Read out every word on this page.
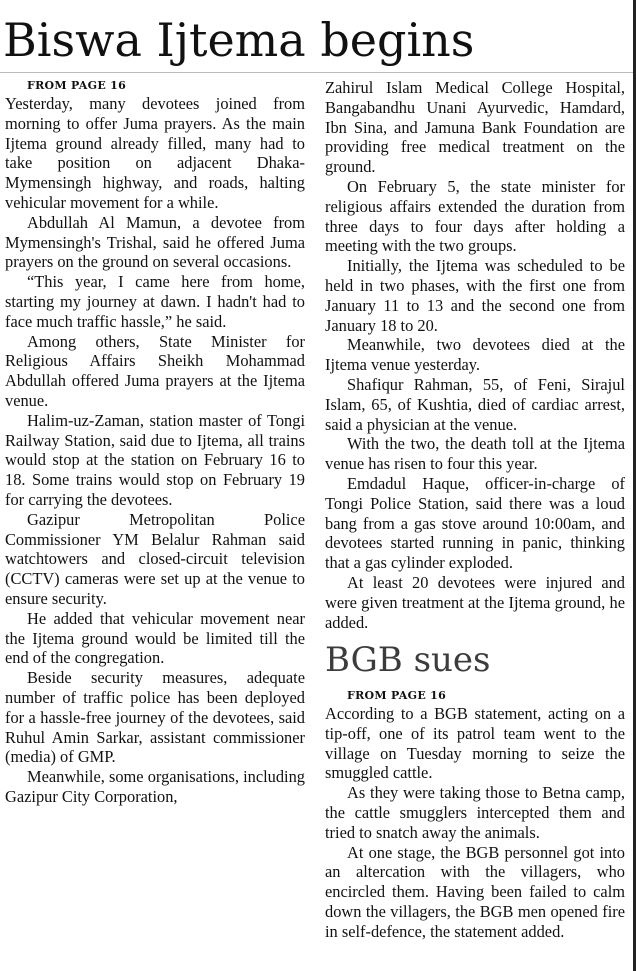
Biswa Ijtema begins

FROM PAGE 16

Yesterday, many devotees joined from morning to offer Juma prayers. As the main Ijtema ground already filled, many had to take position on adjacent Dhaka-Mymensingh highway, and roads, halting vehicular movement for a while.

Abdullah Al Mamun, a devotee from Mymensingh's Trishal, said he offered Juma prayers on the ground on several occasions.

“This year, I came here from home, starting my journey at dawn. I hadn't had to face much traffic hassle,” he said.

Among others, State Minister for Religious Affairs Sheikh Mohammad Abdullah offered Juma prayers at the Ijtema venue.

Halim-uz-Zaman, station master of Tongi Railway Station, said due to Ijtema, all trains would stop at the station on February 16 to 18. Some trains would stop on February 19 for carrying the devotees.

Gazipur Metropolitan Police Commissioner YM Belalur Rahman said watchtowers and closed-circuit television (CCTV) cameras were set up at the venue to ensure security.

He added that vehicular movement near the Ijtema ground would be limited till the end of the congregation.

Beside security measures, adequate number of traffic police has been deployed for a hassle-free journey of the devotees, said Ruhul Amin Sarkar, assistant commissioner (media) of GMP.

Meanwhile, some organisations, including Gazipur City Corporation,

Zahirul Islam Medical College Hospital, Bangabandhu Unani Ayurvedic, Hamdard, Ibn Sina, and Jamuna Bank Foundation are providing free medical treatment on the ground.

On February 5, the state minister for religious affairs extended the duration from three days to four days after holding a meeting with the two groups.

Initially, the Ijtema was scheduled to be held in two phases, with the first one from January 11 to 13 and the second one from January 18 to 20.

Meanwhile, two devotees died at the Ijtema venue yesterday.

Shafiqur Rahman, 55, of Feni, Sirajul Islam, 65, of Kushtia, died of cardiac arrest, said a physician at the venue.

With the two, the death toll at the Ijtema venue has risen to four this year.

Emdadul Haque, officer-in-charge of Tongi Police Station, said there was a loud bang from a gas stove around 10:00am, and devotees started running in panic, thinking that a gas cylinder exploded.

At least 20 devotees were injured and were given treatment at the Ijtema ground, he added.

BGB sues

FROM PAGE 16

According to a BGB statement, acting on a tip-off, one of its patrol team went to the village on Tuesday morning to seize the smuggled cattle.

As they were taking those to Betna camp, the cattle smugglers intercepted them and tried to snatch away the animals.

At one stage, the BGB personnel got into an altercation with the villagers, who encircled them. Having been failed to calm down the villagers, the BGB men opened fire in self-defence, the statement added.
